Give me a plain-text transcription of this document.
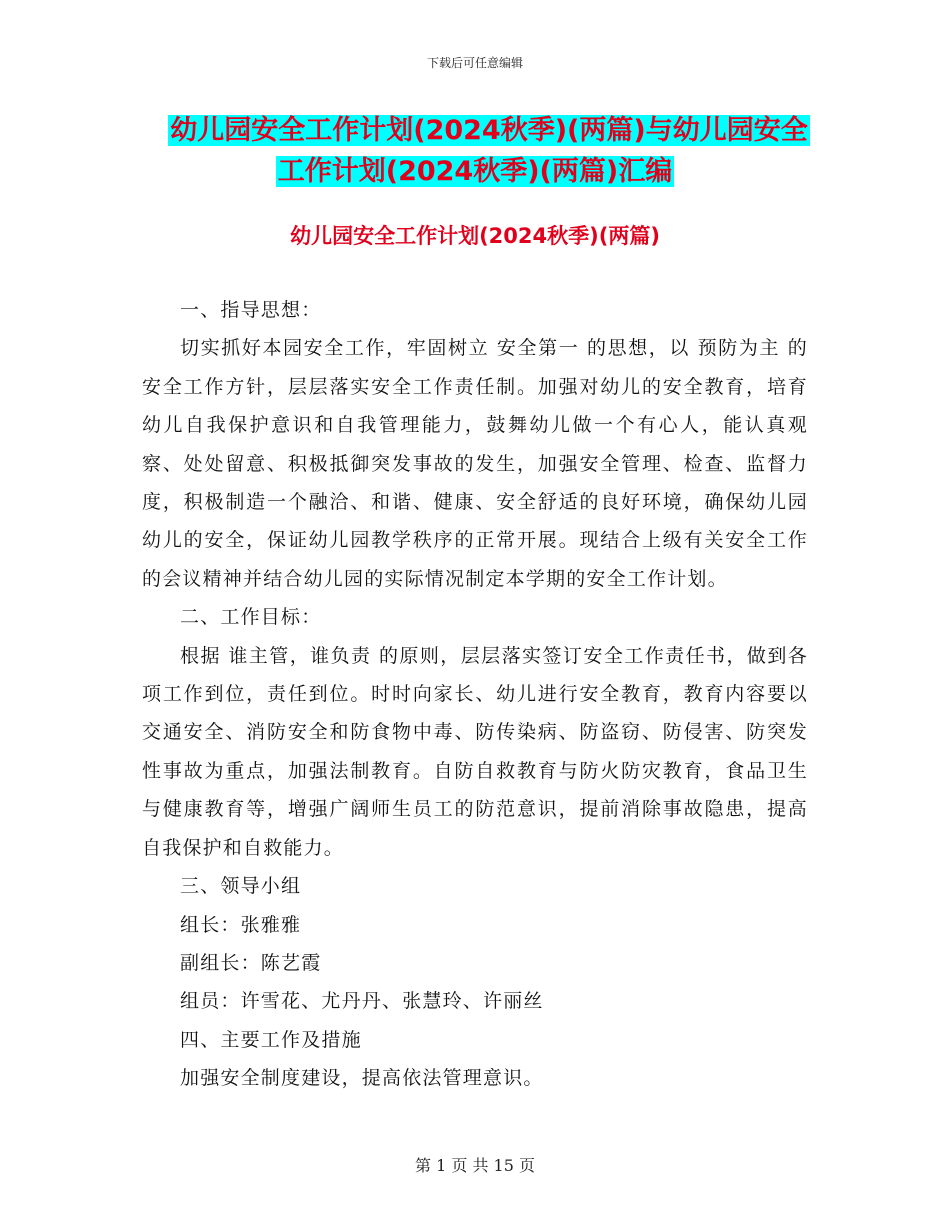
下载后可任意编辑
幼儿园安全工作计划(2024秋季)(两篇)与幼儿园安全
工作计划(2024秋季)(两篇)汇编
幼儿园安全工作计划(2024秋季)(两篇)

一、指导思想：

切实抓好本园安全工作，牢固树立 安全第一 的思想，以 预防为主 的安全工作方针，层层落实安全工作责任制。加强对幼儿的安全教育，培育幼儿自我保护意识和自我管理能力，鼓舞幼儿做一个有心人，能认真观察、处处留意、积极抵御突发事故的发生，加强安全管理、检查、监督力度，积极制造一个融洽、和谐、健康、安全舒适的良好环境，确保幼儿园幼儿的安全，保证幼儿园教学秩序的正常开展。现结合上级有关安全工作的会议精神并结合幼儿园的实际情况制定本学期的安全工作计划。

二、工作目标：

根据 谁主管，谁负责 的原则，层层落实签订安全工作责任书，做到各项工作到位，责任到位。时时向家长、幼儿进行安全教育，教育内容要以交通安全、消防安全和防食物中毒、防传染病、防盗窃、防侵害、防突发性事故为重点，加强法制教育。自防自救教育与防火防灾教育，食品卫生与健康教育等，增强广阔师生员工的防范意识，提前消除事故隐患，提高自我保护和自救能力。

三、领导小组

组长：张雅雅

副组长：陈艺霞

组员：许雪花、尤丹丹、张慧玲、许丽丝

四、主要工作及措施

加强安全制度建设，提高依法管理意识。

第 1 页 共 15 页
